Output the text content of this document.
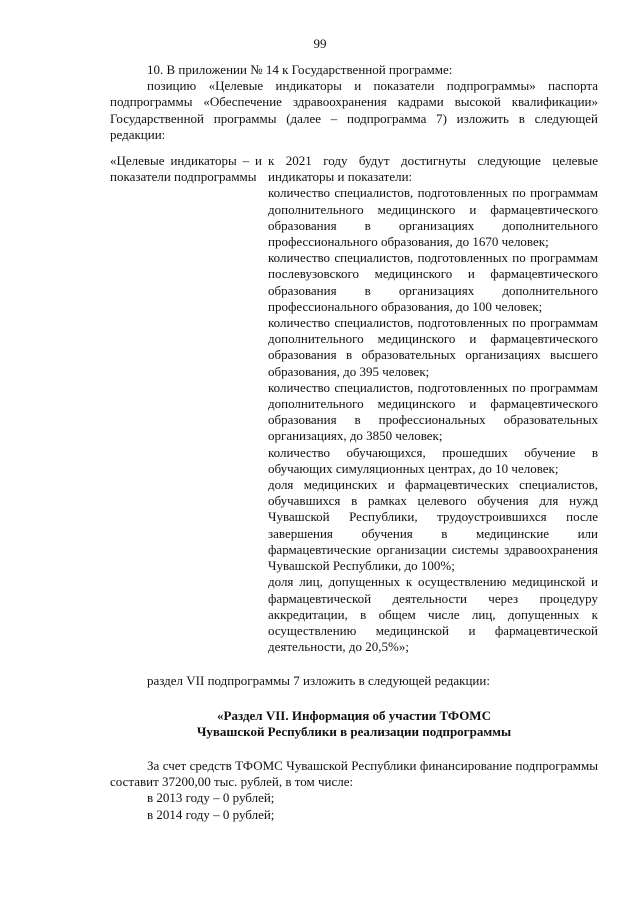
99

10. В приложении № 14 к Государственной программе:

позицию «Целевые индикаторы и показатели подпрограммы» паспорта подпрограммы «Обеспечение здравоохранения кадрами высокой квалификации» Государственной программы (далее – подпрограмма 7) изложить в следующей редакции:

«Целевые индикаторы – и показатели подпрограммы

к 2021 году будут достигнуты следующие целевые индикаторы и показатели:

количество специалистов, подготовленных по программам дополнительного медицинского и фармацевтического образования в организациях дополнительного профессионального образования, до 1670 человек;

количество специалистов, подготовленных по программам послевузовского медицинского и фармацевтического образования в организациях дополнительного профессионального образования, до 100 человек;

количество специалистов, подготовленных по программам дополнительного медицинского и фармацевтического образования в образовательных организациях высшего образования, до 395 человек;

количество специалистов, подготовленных по программам дополнительного медицинского и фармацевтического образования в профессиональных образовательных организациях, до 3850 человек;

количество обучающихся, прошедших обучение в обучающих симуляционных центрах, до 10 человек;

доля медицинских и фармацевтических специалистов, обучавшихся в рамках целевого обучения для нужд Чувашской Республики, трудоустроившихся после завершения обучения в медицинские или фармацевтические организации системы здравоохранения Чувашской Республики, до 100%;

доля лиц, допущенных к осуществлению медицинской и фармацевтической деятельности через процедуру аккредитации, в общем числе лиц, допущенных к осуществлению медицинской и фармацевтической деятельности, до 20,5%»;

раздел VII подпрограммы 7 изложить в следующей редакции:

«Раздел VII. Информация об участии ТФОМС
Чувашской Республики в реализации подпрограммы

За счет средств ТФОМС Чувашской Республики финансирование подпрограммы составит 37200,00 тыс. рублей, в том числе:

в 2013 году – 0 рублей;

в 2014 году – 0 рублей;
